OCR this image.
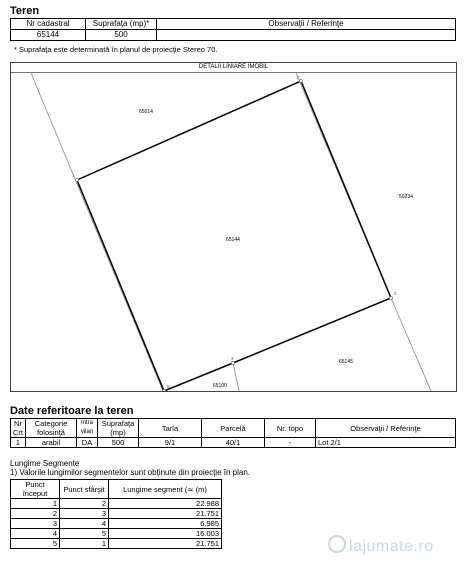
Teren
Nr cadastral	Suprafaţa (mp)*	Observaţii / Referinţe
65144	500	
* Suprafaţa este determinată în planul de proiecţie Stereo 70.
DETALII LINIARE IMOBIL
65144
65014
50234
65145
65100
1
2
3
4
5
Date referitoare la teren
Nr Crt	Categorie folosinţă	Intra vilan	Suprafaţa (mp)	Tarla	Parcelă	Nr. topo	Observaţii / Referinţe
1	arabil	DA	500	9/1	40/1	-	Lot 2/1
Lungime Segmente
1) Valorile lungimilor segmentelor sunt obţinute din proiecţie în plan.
Punct început	Punct sfârşit	Lungime segment (≃ (m)
1	2	22.988
2	3	21.751
3	4	6.985
4	5	16.003
5	1	21.751	lajumate.ro
